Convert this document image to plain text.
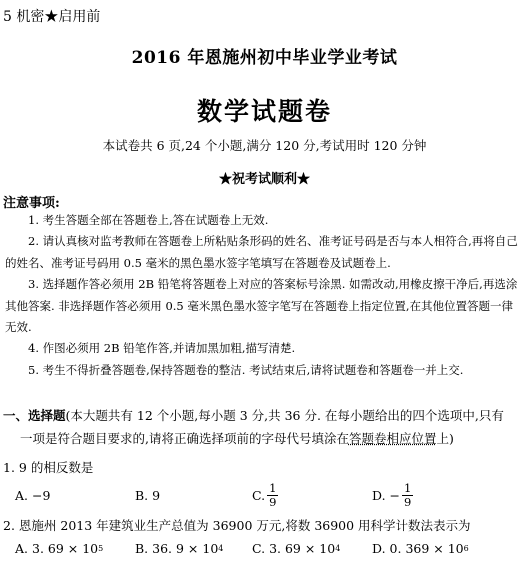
5 机密★启用前
2016 年恩施州初中毕业学业考试
数学试题卷
本试卷共 6 页,24 个小题,满分 120 分,考试用时 120 分钟
★祝考试顺利★
注意事项:

1. 考生答题全部在答题卷上,答在试题卷上无效.

2. 请认真核对监考教师在答题卷上所粘贴条形码的姓名、准考证号码是否与本人相符合,再将自己的姓名、准考证号码用 0.5 毫米的黑色墨水签字笔填写在答题卷及试题卷上.

3. 选择题作答必须用 2B 铅笔将答题卷上对应的答案标号涂黑. 如需改动,用橡皮擦干净后,再选涂其他答案. 非选择题作答必须用 0.5 毫米黑色墨水签字笔写在答题卷上指定位置,在其他位置答题一律无效.

4. 作图必须用 2B 铅笔作答,并请加黑加粗,描写清楚.

5. 考生不得折叠答题卷,保持答题卷的整洁. 考试结束后,请将试题卷和答题卷一并上交.

一、选择题(本大题共有 12 个小题,每小题 3 分,共 36 分. 在每小题给出的四个选项中,只有
一项是符合题目要求的,请将正确选择项前的字母代号填涂在答题卷相应位置上)
1. 9 的相反数是
A.
−9	B.
9	C. $\frac{1}{9}$	D.
− $\frac{1}{9}$
2. 恩施州 2013 年建筑业生产总值为 36900 万元,将数 36900 用科学计数法表示为
A.
3. 69 × 10 5	B.
36. 9 × 10 4 C.
3. 69 × 10 4	D.
0. 369 × 10 6
